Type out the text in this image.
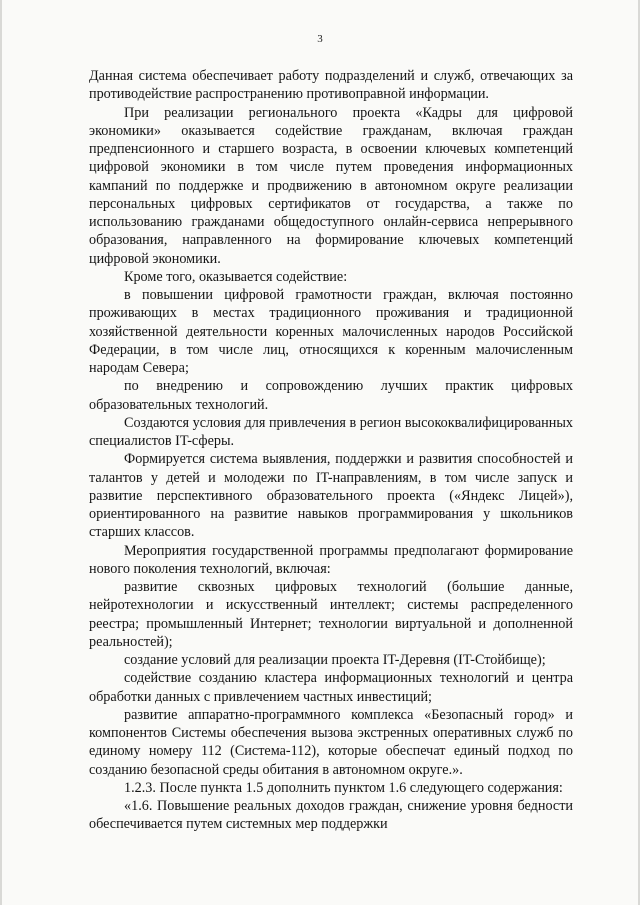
3

Данная система обеспечивает работу подразделений и служб, отвечающих за противодействие распространению противоправной информации.

При реализации регионального проекта «Кадры для цифровой экономики» оказывается содействие гражданам, включая граждан предпенсионного и старшего возраста, в освоении ключевых компетенций цифровой экономики в том числе путем проведения информационных кампаний по поддержке и продвижению в автономном округе реализации персональных цифровых сертификатов от государства, а также по использованию гражданами общедоступного онлайн-сервиса непрерывного образования, направленного на формирование ключевых компетенций цифровой экономики.

Кроме того, оказывается содействие:

в повышении цифровой грамотности граждан, включая постоянно проживающих в местах традиционного проживания и традиционной хозяйственной деятельности коренных малочисленных народов Российской Федерации, в том числе лиц, относящихся к коренным малочисленным народам Севера;

по внедрению и сопровождению лучших практик цифровых образовательных технологий.

Создаются условия для привлечения в регион высококвалифицированных специалистов IT-сферы.

Формируется система выявления, поддержки и развития способностей и талантов у детей и молодежи по IT-направлениям, в том числе запуск и развитие перспективного образовательного проекта («Яндекс Лицей»), ориентированного на развитие навыков программирования у школьников старших классов.

Мероприятия государственной программы предполагают формирование нового поколения технологий, включая:

развитие сквозных цифровых технологий (большие данные, нейротехнологии и искусственный интеллект; системы распределенного реестра; промышленный Интернет; технологии виртуальной и дополненной реальностей);

создание условий для реализации проекта IT-Деревня (IT-Стойбище);

содействие созданию кластера информационных технологий и центра обработки данных с привлечением частных инвестиций;

развитие аппаратно-программного комплекса «Безопасный город» и компонентов Системы обеспечения вызова экстренных оперативных служб по единому номеру 112 (Система-112), которые обеспечат единый подход по созданию безопасной среды обитания в автономном округе.».

1.2.3. После пункта 1.5 дополнить пунктом 1.6 следующего содержания:

«1.6. Повышение реальных доходов граждан, снижение уровня бедности обеспечивается путем системных мер поддержки
